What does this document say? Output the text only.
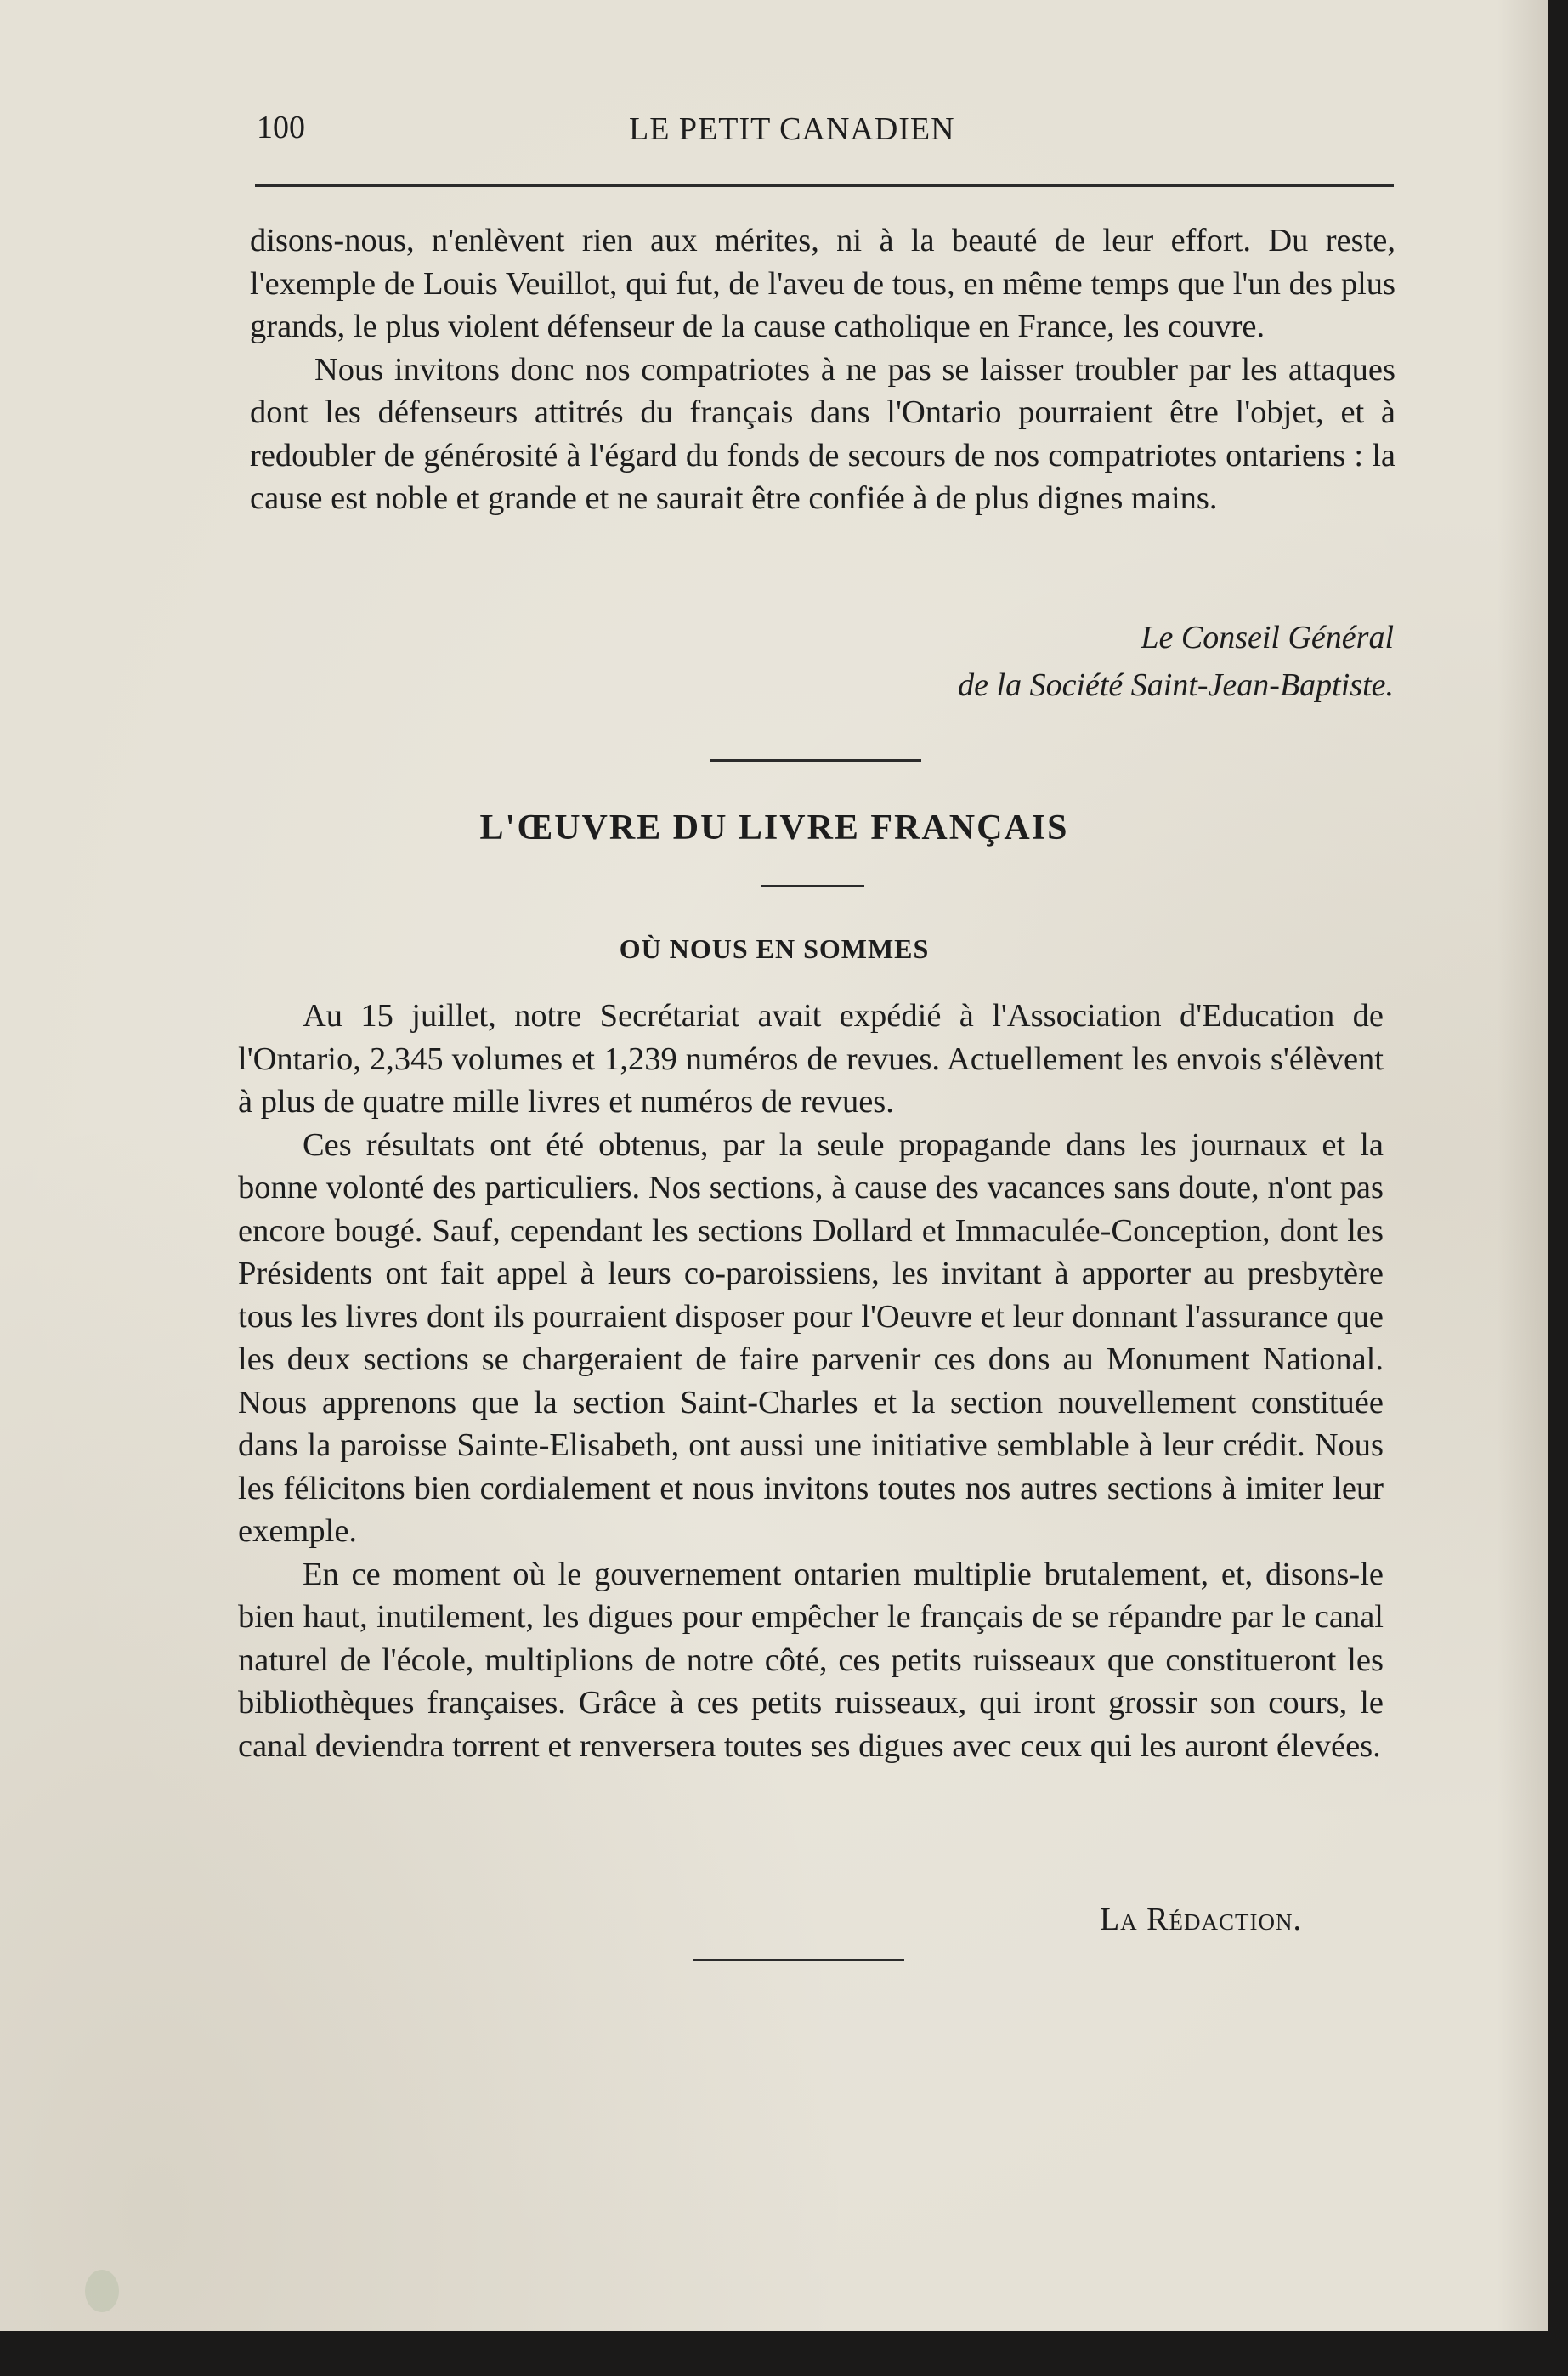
100	LE PETIT CANADIEN

disons-nous, n'enlèvent rien aux mérites, ni à la beauté de leur effort. Du reste, l'exemple de Louis Veuillot, qui fut, de l'aveu de tous, en même temps que l'un des plus grands, le plus violent défenseur de la cause catholique en France, les couvre.

Nous invitons donc nos compatriotes à ne pas se laisser troubler par les attaques dont les défenseurs attitrés du français dans l'Ontario pourraient être l'objet, et à redoubler de générosité à l'égard du fonds de secours de nos compatriotes ontariens : la cause est noble et grande et ne saurait être confiée à de plus dignes mains.

Le Conseil Général
de la Société Saint-Jean-Baptiste.
L'ŒUVRE DU LIVRE FRANÇAIS
OÙ NOUS EN SOMMES

Au 15 juillet, notre Secrétariat avait expédié à l'Association d'Education de l'Ontario, 2,345 volumes et 1,239 numéros de revues. Actuellement les envois s'élèvent à plus de quatre mille livres et numéros de revues.

Ces résultats ont été obtenus, par la seule propagande dans les journaux et la bonne volonté des particuliers. Nos sections, à cause des vacances sans doute, n'ont pas encore bougé. Sauf, cependant les sections Dollard et Immaculée-Conception, dont les Présidents ont fait appel à leurs co-paroissiens, les invitant à apporter au presbytère tous les livres dont ils pourraient disposer pour l'Oeuvre et leur donnant l'assurance que les deux sections se chargeraient de faire parvenir ces dons au Monument National. Nous apprenons que la section Saint-Charles et la section nouvellement constituée dans la paroisse Sainte-Elisabeth, ont aussi une initiative semblable à leur crédit. Nous les félicitons bien cordialement et nous invitons toutes nos autres sections à imiter leur exemple.

En ce moment où le gouvernement ontarien multiplie brutalement, et, disons-le bien haut, inutilement, les digues pour empêcher le français de se répandre par le canal naturel de l'école, multiplions de notre côté, ces petits ruisseaux que constitueront les bibliothèques françaises. Grâce à ces petits ruisseaux, qui iront grossir son cours, le canal deviendra torrent et renversera toutes ses digues avec ceux qui les auront élevées.

La Rédaction.
